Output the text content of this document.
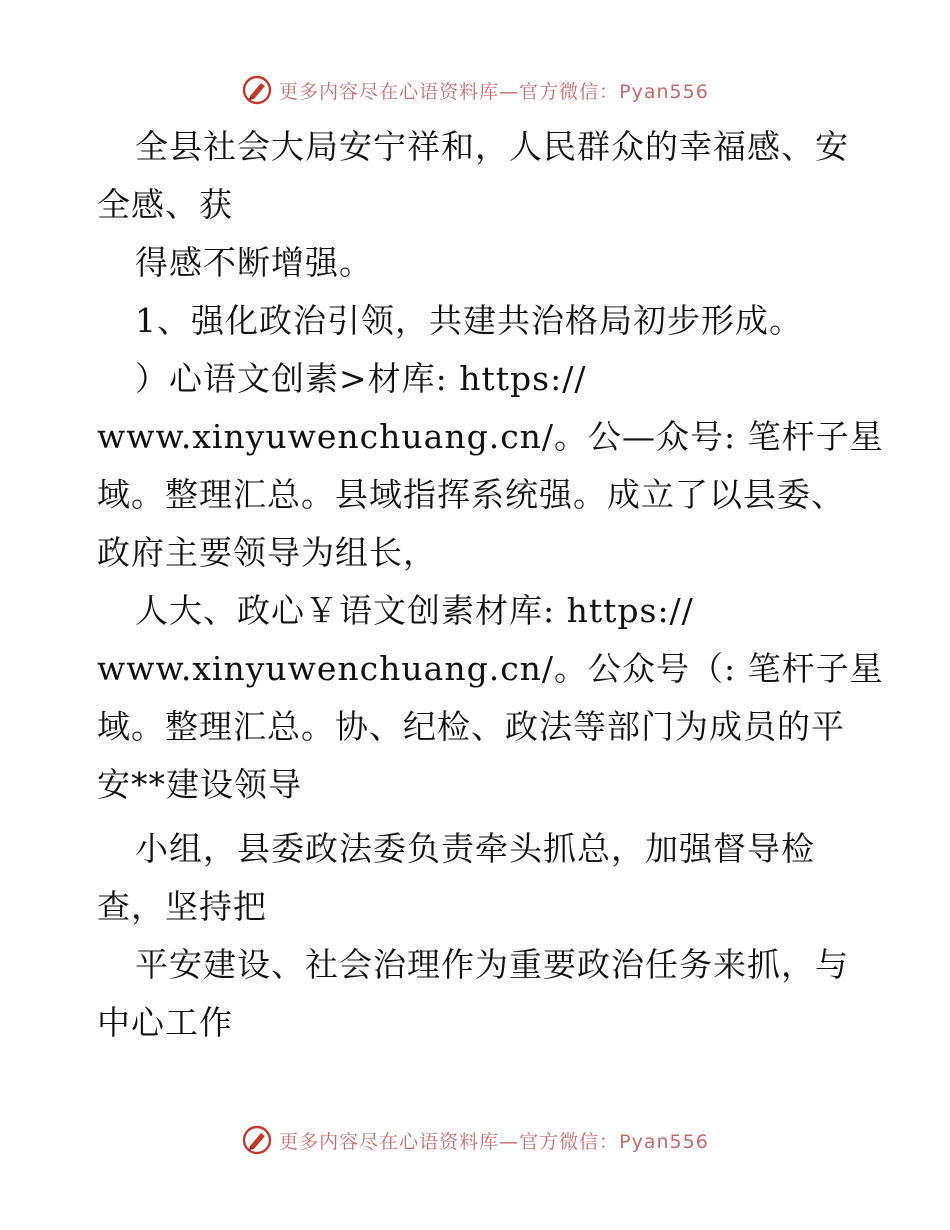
更多内容尽在心语资料库—官方微信：Pyan556
全县社会大局安宁祥和，人民群众的幸福感、安
全感、获
得感不断增强。
1、强化政治引领，共建共治格局初步形成。
）心语文创素>材库: https://
www.xinyuwenchuang.cn/。公—众号: 笔杆子星
域。整理汇总。县域指挥系统强。成立了以县委、
政府主要领导为组长，
人大、政心￥语文创素材库: https://
www.xinyuwenchuang.cn/。公众号（: 笔杆子星
域。整理汇总。协、纪检、政法等部门为成员的平
安**建设领导
小组，县委政法委负责牵头抓总，加强督导检
查，坚持把
平安建设、社会治理作为重要政治任务来抓，与
中心工作
更多内容尽在心语资料库—官方微信：Pyan556
